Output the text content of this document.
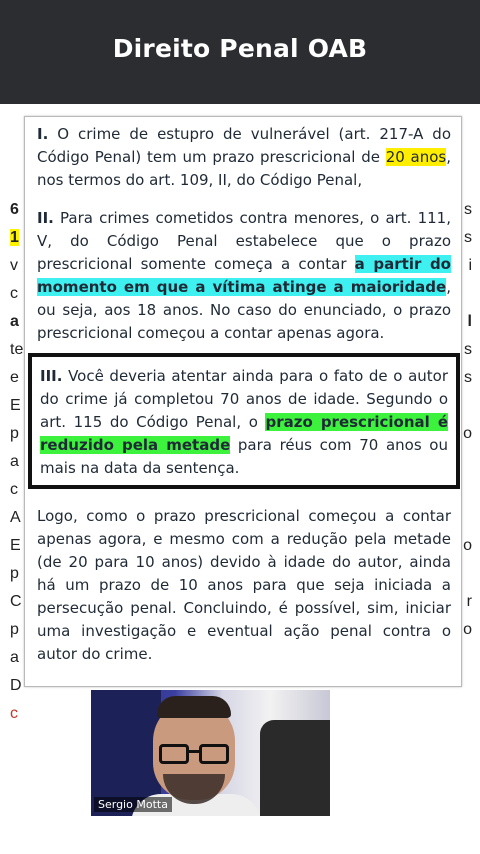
Direito Penal OAB
6
1
v
c
a
te
e
E
p
a
c
A
E
p
C
p
a
D
c
s
s
i
l
s
s
o
o
r
o

I. O crime de estupro de vulnerável (art. 217-A do Código Penal) tem um prazo prescricional de 20 anos, nos termos do art. 109, II, do Código Penal,

II. Para crimes cometidos contra menores, o art. 111, V, do Código Penal estabelece que o prazo prescricional somente começa a contar a partir do momento em que a vítima atinge a maioridade, ou seja, aos 18 anos. No caso do enunciado, o prazo prescricional começou a contar apenas agora.

III. Você deveria atentar ainda para o fato de o autor do crime já completou 70 anos de idade. Segundo o art. 115 do Código Penal, o prazo prescricional é reduzido pela metade para réus com 70 anos ou mais na data da sentença.

Logo, como o prazo prescricional começou a contar apenas agora, e mesmo com a redução pela metade (de 20 para 10 anos) devido à idade do autor, ainda há um prazo de 10 anos para que seja iniciada a persecução penal. Concluindo, é possível, sim, iniciar uma investigação e eventual ação penal contra o autor do crime.

Sergio Motta
